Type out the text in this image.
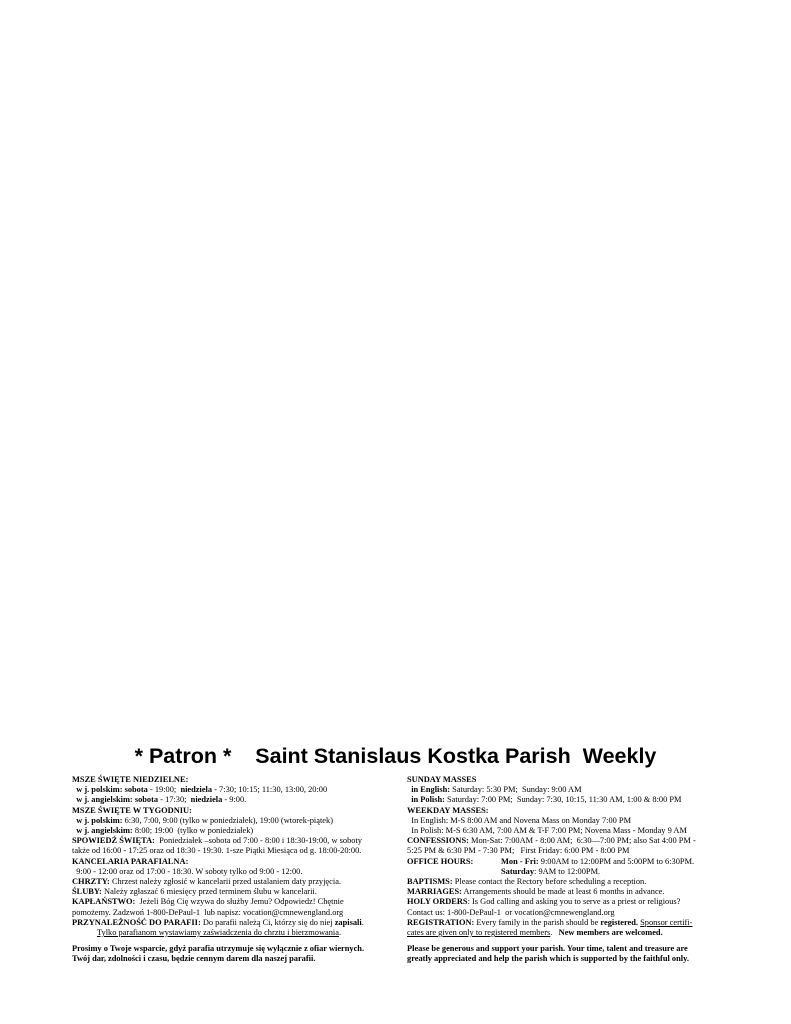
* Patron *    Saint Stanislaus Kostka Parish  Weekly
MSZE ŚWIĘTE NIEDZIELNE:
w j. polskim: sobota - 19:00;  niedziela - 7:30; 10:15; 11:30, 13:00, 20:00
w j. angielskim: sobota - 17:30;  niedziela - 9:00.
MSZE ŚWIĘTE W TYGODNIU:
w j. polskim: 6:30, 7:00, 9:00 (tylko w poniedziałek), 19:00 (wtorek-piątek)
w j. angielskim: 8:00; 19:00  (tylko w poniedziałek)
SPOWIEDŹ ŚWIĘTA:  Poniedziałek –sobota od 7:00 - 8:00 i 18:30-19:00, w soboty
także od 16:00 - 17:25 oraz od 18:30 - 19:30. 1-sze Piątki Miesiąca od g. 18:00-20:00.
KANCELARIA PARAFIALNA:
9:00 - 12:00 oraz od 17:00 - 18:30. W soboty tylko od 9:00 - 12:00.
CHRZTY: Chrzest należy zgłosić w kancelarii przed ustalaniem daty przyjęcia.
ŚLUBY: Należy zgłaszać 6 miesięcy przed terminem ślubu w kancelarii.
KAPŁAŃSTWO:  Jeżeli Bóg Cię wzywa do służby Jemu? Odpowiedz! Chętnie
pomożemy. Zadzwoń 1-800-DePaul-1  lub napisz: vocation@cmnewengland.org
PRZYNALEŻNOŚĆ DO PARAFII: Do parafii należą Ci, którzy się do niej zapisali.
Tylko parafianom wystawiamy zaświadczenia do chrztu i bierzmowania.
Prosimy o Twoje wsparcie, gdyż parafia utrzymuje się wyłącznie z ofiar wiernych.
Twój dar, zdolności i czasu, będzie cennym darem dla naszej parafii.
SUNDAY MASSES
in English: Saturday: 5:30 PM;  Sunday: 9:00 AM
in Polish: Saturday: 7:00 PM;  Sunday: 7:30, 10:15, 11:30 AM, 1:00 & 8:00 PM
WEEKDAY MASSES:
In English: M-S 8:00 AM and Novena Mass on Monday 7:00 PM
In Polish: M-S 6:30 AM, 7:00 AM & T-F 7:00 PM; Novena Mass - Monday 9 AM
CONFESSIONS: Mon-Sat: 7:00AM - 8:00 AM;  6:30—7:00 PM; also Sat 4:00 PM -
5:25 PM & 6:30 PM - 7:30 PM;   First Friday: 6:00 PM - 8:00 PM
OFFICE HOURS:	Mon - Fri: 9:00AM to 12:00PM and 5:00PM to 6:30PM.
Saturday: 9AM to 12:00PM.
BAPTISMS: Please contact the Rectory before scheduling a reception.
MARRIAGES: Arrangements should be made at least 6 months in advance.
HOLY ORDERS: Is God calling and asking you to serve as a priest or religious?
Contact us: 1-800-DePaul-1  or vocation@cmnewengland.org
REGISTRATION: Every family in the parish should be registered. Sponsor certifi-
cates are given only to registered members.   New members are welcomed.
Please be generous and support your parish. Your time, talent and treasure are
greatly appreciated and help the parish which is supported by the faithful only.
